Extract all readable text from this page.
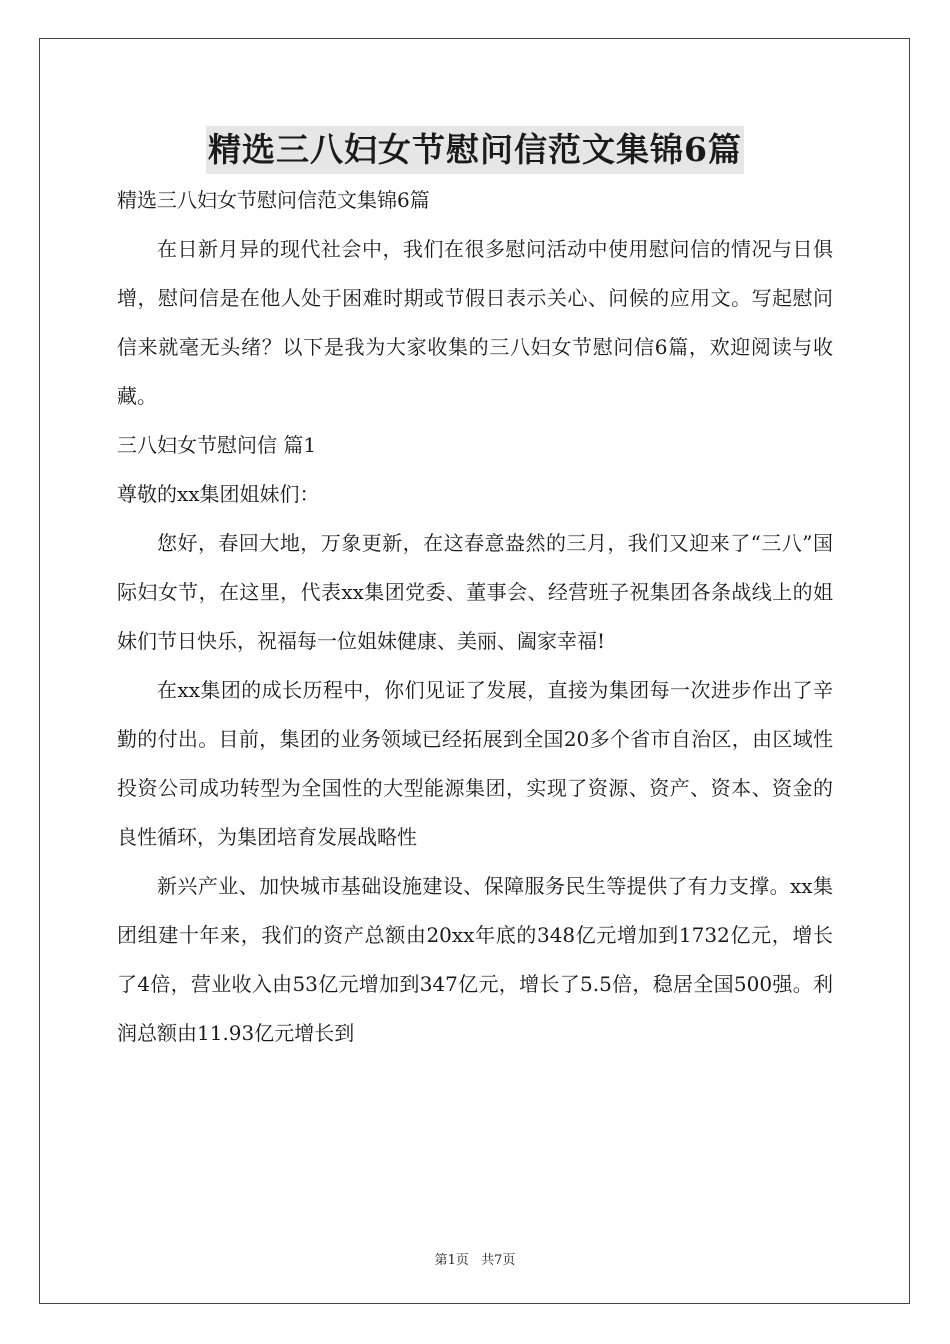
精选三八妇女节慰问信范文集锦6篇

精选三八妇女节慰问信范文集锦6篇

在日新月异的现代社会中，我们在很多慰问活动中使用慰问信的情况与日俱增，慰问信是在他人处于困难时期或节假日表示关心、问候的应用文。写起慰问信来就毫无头绪？以下是我为大家收集的三八妇女节慰问信6篇，欢迎阅读与收藏。

三八妇女节慰问信 篇1

尊敬的xx集团姐妹们：

您好，春回大地，万象更新，在这春意盎然的三月，我们又迎来了“三八”国际妇女节，在这里，代表xx集团党委、董事会、经营班子祝集团各条战线上的姐妹们节日快乐，祝福每一位姐妹健康、美丽、阖家幸福!

在xx集团的成长历程中，你们见证了发展，直接为集团每一次进步作出了辛勤的付出。目前，集团的业务领域已经拓展到全国20多个省市自治区，由区域性投资公司成功转型为全国性的大型能源集团，实现了资源、资产、资本、资金的良性循环，为集团培育发展战略性

新兴产业、加快城市基础设施建设、保障服务民生等提供了有力支撑。xx集团组建十年来，我们的资产总额由20xx年底的348亿元增加到1732亿元，增长了4倍，营业收入由53亿元增加到347亿元，增长了5.5倍，稳居全国500强。利润总额由11.93亿元增长到

第1页 共7页
